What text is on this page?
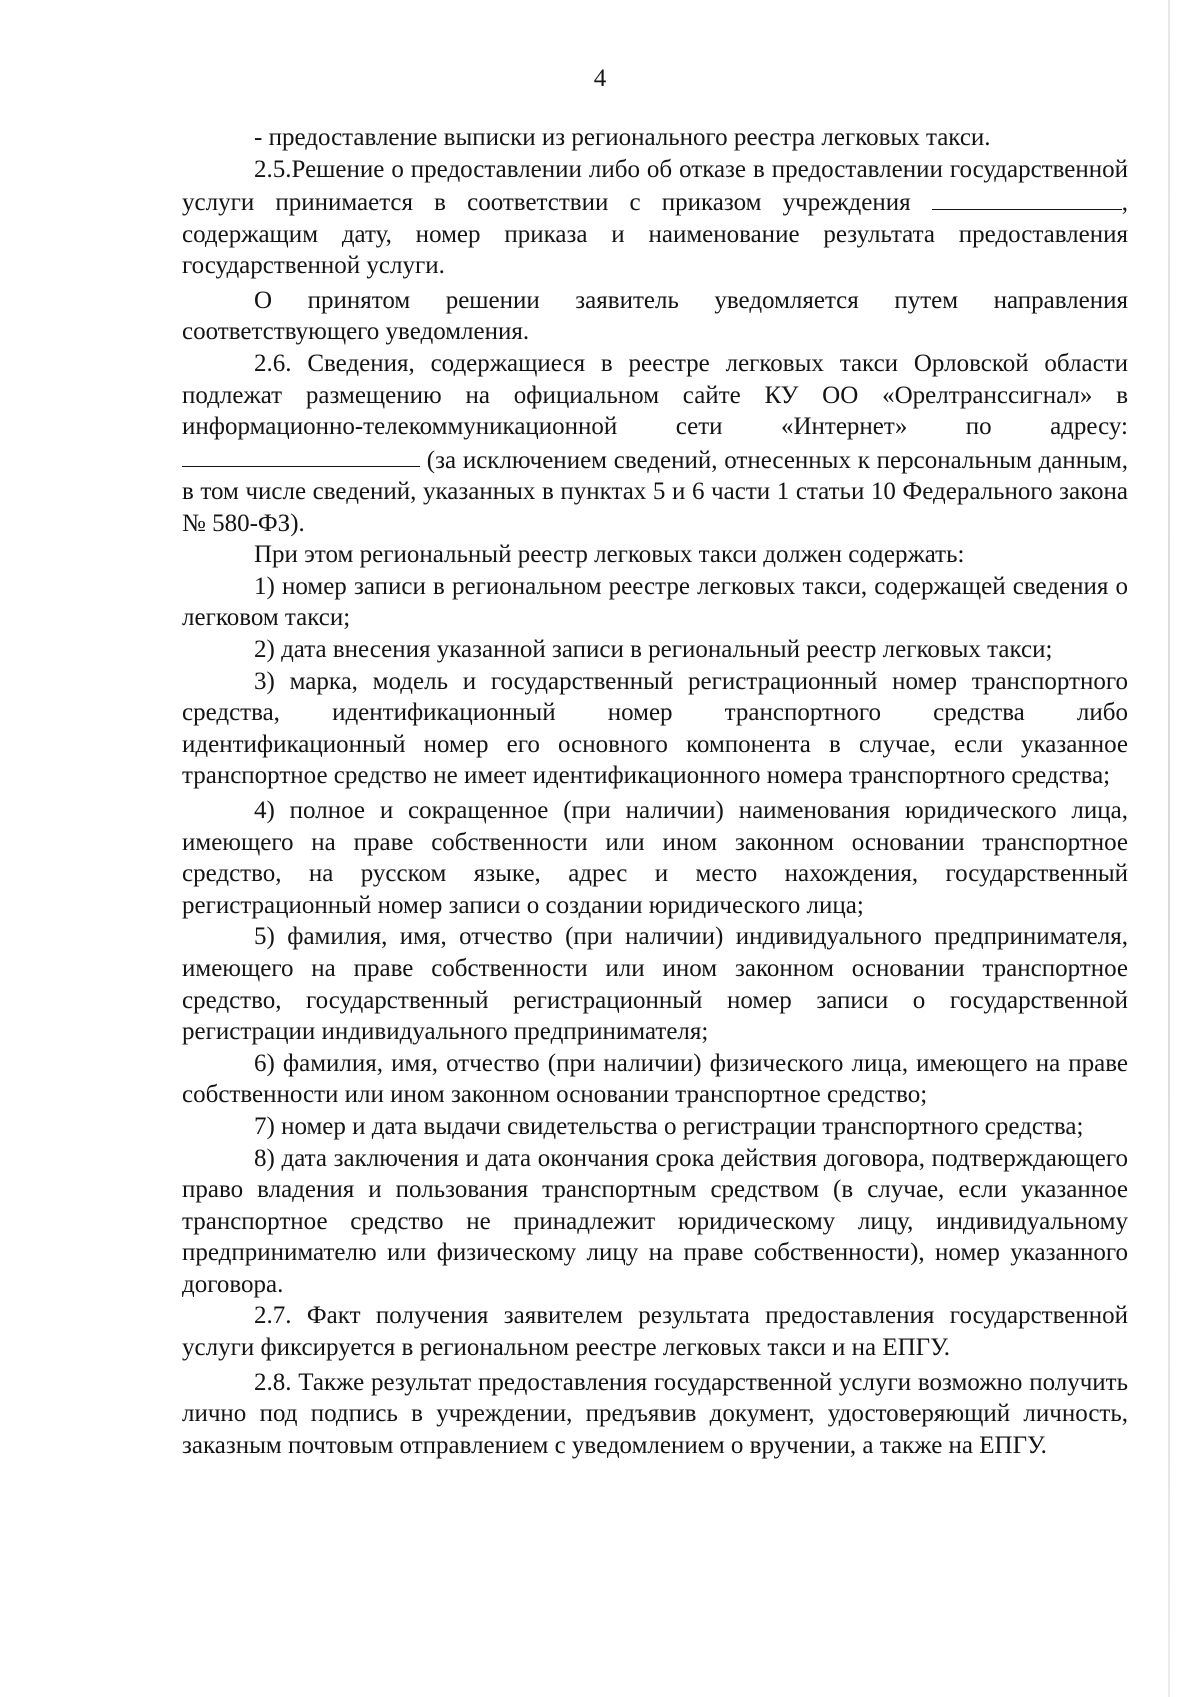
4

- предоставление выписки из регионального реестра легковых такси.

2.5.Решение о предоставлении либо об отказе в предоставлении государственной услуги принимается в соответствии с приказом учреждения	, содержащим дату, номер приказа и наименование результата предоставления государственной услуги.

О принятом решении заявитель уведомляется путем направления соответствующего уведомления.

2.6. Сведения, содержащиеся в реестре легковых такси Орловской области подлежат размещению на официальном сайте КУ ОО «Орелтранссигнал» в информационно-телекоммуникационной сети «Интернет» по адресу: (за исключением сведений, отнесенных к персональным данным, в том числе сведений, указанных в пунктах 5 и 6 части 1 статьи 10 Федерального закона № 580-ФЗ).

При этом региональный реестр легковых такси должен содержать:

1) номер записи в региональном реестре легковых такси, содержащей сведения о легковом такси;

2) дата внесения указанной записи в региональный реестр легковых такси;

3) марка, модель и государственный регистрационный номер транспортного средства, идентификационный номер транспортного средства либо идентификационный номер его основного компонента в случае, если указанное транспортное средство не имеет идентификационного номера транспортного средства;

4) полное и сокращенное (при наличии) наименования юридического лица, имеющего на праве собственности или ином законном основании транспортное средство, на русском языке, адрес и место нахождения, государственный регистрационный номер записи о создании юридического лица;

5) фамилия, имя, отчество (при наличии) индивидуального предпринимателя, имеющего на праве собственности или ином законном основании транспортное средство, государственный регистрационный номер записи о государственной регистрации индивидуального предпринимателя;

6) фамилия, имя, отчество (при наличии) физического лица, имеющего на праве собственности или ином законном основании транспортное средство;

7) номер и дата выдачи свидетельства о регистрации транспортного средства;

8) дата заключения и дата окончания срока действия договора, подтверждающего право владения и пользования транспортным средством (в случае, если указанное транспортное средство не принадлежит юридическому лицу, индивидуальному предпринимателю или физическому лицу на праве собственности), номер указанного договора.

2.7. Факт получения заявителем результата предоставления государственной услуги фиксируется в региональном реестре легковых такси и на ЕПГУ.

2.8. Также результат предоставления государственной услуги возможно получить лично под подпись в учреждении, предъявив документ, удостоверяющий личность, заказным почтовым отправлением с уведомлением о вручении, а также на ЕПГУ.
